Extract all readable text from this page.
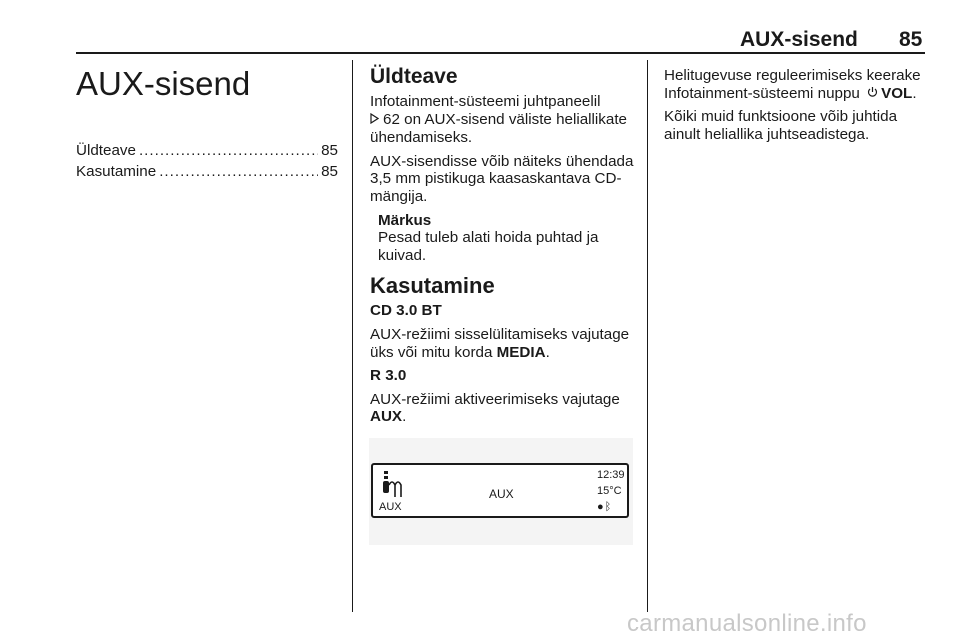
AUX-sisend 85
AUX-sisend
Üldteave .....	85
Kasutamine .....	85
Üldteave

Infotainment-süsteemi juhtpaneelil
62 on AUX-sisend väliste heliallikate ühendamiseks.

AUX-sisendisse võib näiteks ühendada 3,5 mm pistikuga kaasaskantava CD-mängija.

Märkus
Pesad tuleb alati hoida puhtad ja kuivad.
Kasutamine

CD 3.0 BT

AUX-režiimi sisselülitamiseks vajutage üks või mitu korda MEDIA.

R 3.0

AUX-režiimi aktiveerimiseks vajutage AUX.

AUX
AUX
12:39
15°C
●ᛒ

Helitugevuse reguleerimiseks keerake Infotainment-süsteemi nuppu VOL.

Kõiki muid funktsioone võib juhtida ainult heliallika juhtseadistega.

carmanualsonline.info
